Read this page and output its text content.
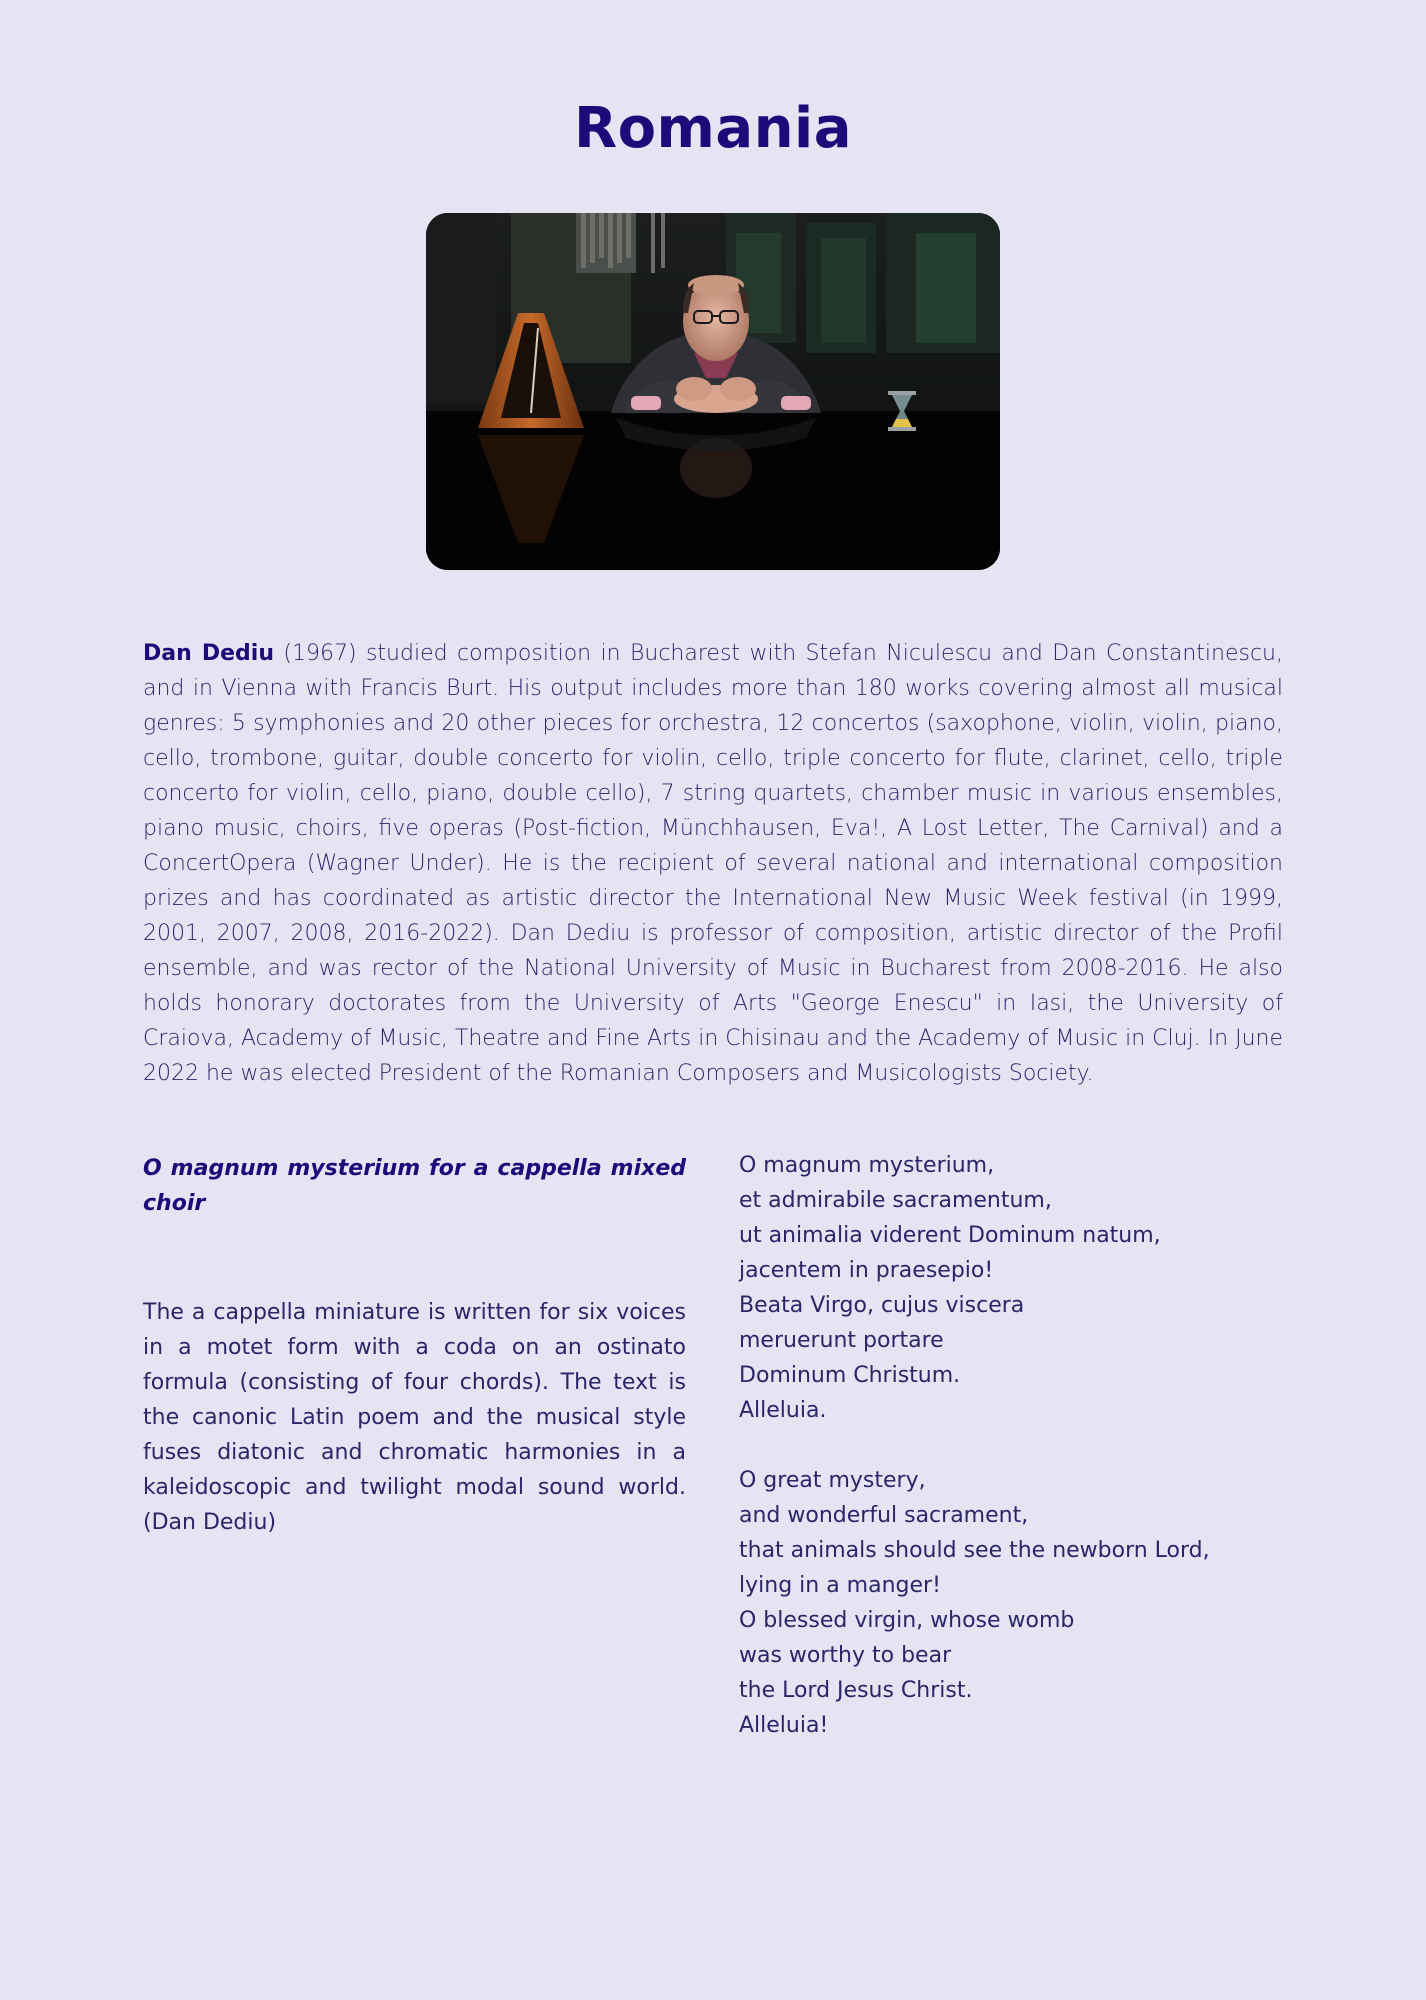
Romania

Dan Dediu (1967) studied composition in Bucharest with Stefan Niculescu and Dan Constantinescu, and in Vienna with Francis Burt. His output includes more than 180 works covering almost all musical genres: 5 symphonies and 20 other pieces for orchestra, 12 concertos (saxophone, violin, violin, piano, cello, trombone, guitar, double concerto for violin, cello, triple concerto for flute, clarinet, cello, triple concerto for violin, cello, piano, double cello), 7 string quartets, chamber music in various ensembles, piano music, choirs, five operas (Post-fiction, Münchhausen, Eva!, A Lost Letter, The Carnival) and a ConcertOpera (Wagner Under). He is the recipient of several national and international composition prizes and has coordinated as artistic director the International New Music Week festival (in 1999, 2001, 2007, 2008, 2016-2022). Dan Dediu is professor of composition, artistic director of the Profil ensemble, and was rector of the National University of Music in Bucharest from 2008-2016. He also holds honorary doctorates from the University of Arts "George Enescu" in Iasi, the University of Craiova, Academy of Music, Theatre and Fine Arts in Chisinau and the Academy of Music in Cluj. In June 2022 he was elected President of the Romanian Composers and Musicologists Society.

O magnum mysterium for a cappella mixed choir

The a cappella miniature is written for six voices in a motet form with a coda on an ostinato formula (consisting of four chords). The text is the canonic Latin poem and the musical style fuses diatonic and chromatic harmonies in a kaleidoscopic and twilight modal sound world. (Dan Dediu)

O magnum mysterium,
et admirabile sacramentum,
ut animalia viderent Dominum natum,
jacentem in praesepio!
Beata Virgo, cujus viscera
meruerunt portare
Dominum Christum.
Alleluia.
O great mystery,
and wonderful sacrament,
that animals should see the newborn Lord,
lying in a manger!
O blessed virgin, whose womb
was worthy to bear
the Lord Jesus Christ.
Alleluia!
